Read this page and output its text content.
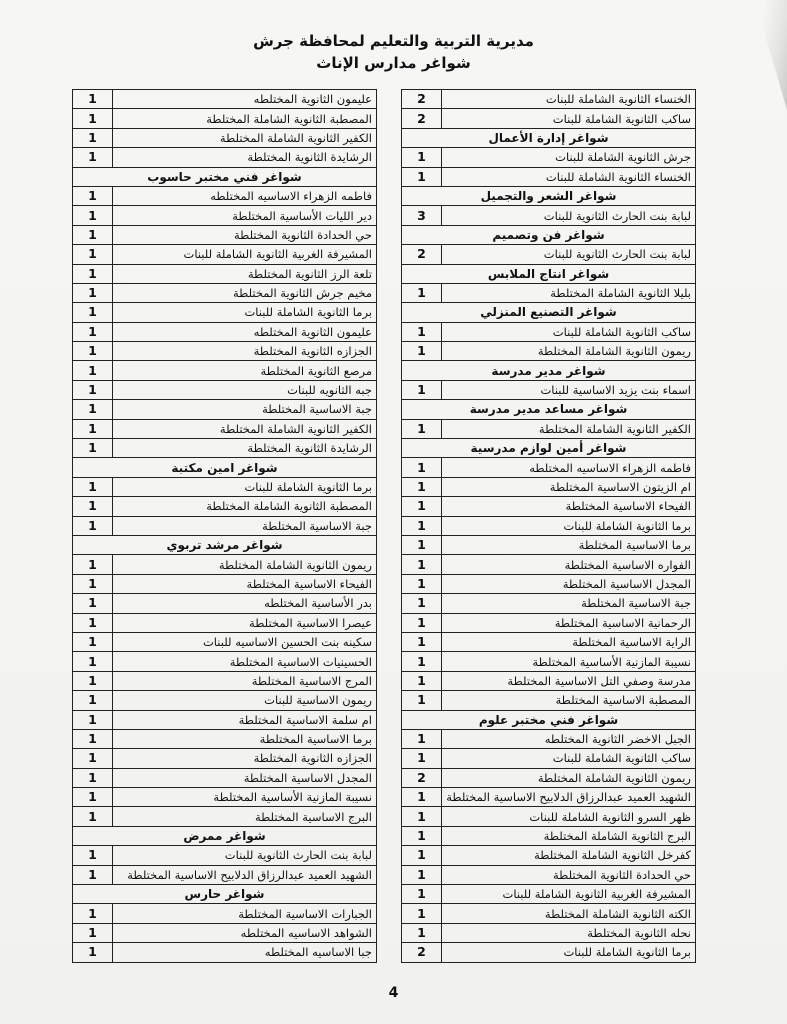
مديرية التربية والتعليم لمحافظة جرش
شواغر مدارس الإناث
الخنساء الثانوية الشاملة للبنات	2
ساكب الثانوية الشاملة للبنات	2
شواغر إدارة الأعمال	
جرش الثانوية الشاملة للبنات	1
الخنساء الثانوية الشاملة للبنات	1
شواغر الشعر والتجميل	
لبابة بنت الحارث الثانوية للبنات	3
شواغر فن وتصميم	
لبابة بنت الحارث الثانوية للبنات	2
شواغر انتاج الملابس	
بليلا الثانوية الشاملة المختلطة	1
شواغر التصنيع المنزلي	
ساكب الثانوية الشاملة للبنات	1
ريمون الثانوية الشاملة المختلطة	1
شواغر مدير مدرسة	
اسماء بنت يزيد الاساسية للبنات	1
شواغر مساعد مدير مدرسة	
الكفير الثانوية الشاملة المختلطة	1
شواغر أمين لوازم مدرسية	
فاطمه الزهراء الاساسيه المختلطه	1
ام الزيتون الاساسية المختلطة	1
الفيحاء الاساسية المختلطة	1
برما الثانوية الشاملة للبنات	1
برما الاساسية المختلطة	1
الفواره الاساسية المختلطة	1
المجدل الاساسية المختلطة	1
جبة الاساسية المختلطة	1
الرحمانية الاساسية المختلطة	1
الراية الاساسية المختلطة	1
نسيبة المازنية الأساسية المختلطة	1
مدرسة وصفي التل الاساسية المختلطة	1
المصطبة الاساسية المختلطة	1
شواغر فني مختبر علوم	
الجبل الاخضر الثانوية المختلطه	1
ساكب الثانوية الشاملة للبنات	1
ريمون الثانوية الشاملة المختلطة	2
الشهيد العميد عبدالرزاق الدلابيح الاساسية المختلطة	1
ظهر السرو الثانوية الشاملة للبنات	1
البرج الثانوية الشاملة المختلطة	1
كفرخل الثانوية الشاملة المختلطة	1
حي الحدادة الثانوية المختلطة	1
المشيرفة الغربية الثانوية الشاملة للبنات	1
الكته الثانوية الشاملة المختلطة	1
نحله الثانوية المختلطة	1
برما الثانوية الشاملة للبنات	2
عليمون الثانوية المختلطه	1
المصطبة الثانوية الشاملة المختلطة	1
الكفير الثانوية الشاملة المختلطة	1
الرشايدة الثانوية المختلطة	1
شواغر فني مختبر حاسوب	
فاطمه الزهراء الاساسيه المختلطه	1
دير الليات الأساسية المختلطة	1
حي الحدادة الثانوية المختلطة	1
المشيرفة الغربية الثانوية الشاملة للبنات	1
تلعة الرز الثانوية المختلطة	1
مخيم جرش الثانوية المختلطة	1
برما الثانوية الشاملة للبنات	1
عليمون الثانوية المختلطه	1
الجزازه الثانوية المختلطة	1
مرصع الثانوية المختلطة	1
جبه الثانويه للبنات	1
جبة الاساسية المختلطة	1
الكفير الثانوية الشاملة المختلطة	1
الرشايدة الثانوية المختلطة	1
شواغر امين مكتبة	
برما الثانوية الشاملة للبنات	1
المصطبة الثانوية الشاملة المختلطة	1
جبة الاساسية المختلطة	1
شواغر مرشد تربوي	
ريمون الثانوية الشاملة المختلطة	1
الفيحاء الاساسية المختلطة	1
بدر الأساسية المختلطه	1
عيصرا الاساسية المختلطة	1
سكينه بنت الحسين الاساسيه للبنات	1
الحسينيات الاساسية المختلطة	1
المرج الاساسية المختلطة	1
ريمون الاساسية للبنات	1
ام سلمة الاساسية المختلطة	1
برما الاساسية المختلطة	1
الجزازه الثانوية المختلطة	1
المجدل الاساسية المختلطة	1
نسيبة المازنية الأساسية المختلطة	1
البرج الاساسية المختلطة	1
شواغر ممرض	
لبابة بنت الحارث الثانوية للبنات	1
الشهيد العميد عبدالرزاق الدلابيح الاساسية المختلطة	1
شواغر حارس	
الجبارات الاساسية المختلطة	1
الشواهد الاساسيه المختلطه	1
جبا الاساسيه المختلطه	1
4
